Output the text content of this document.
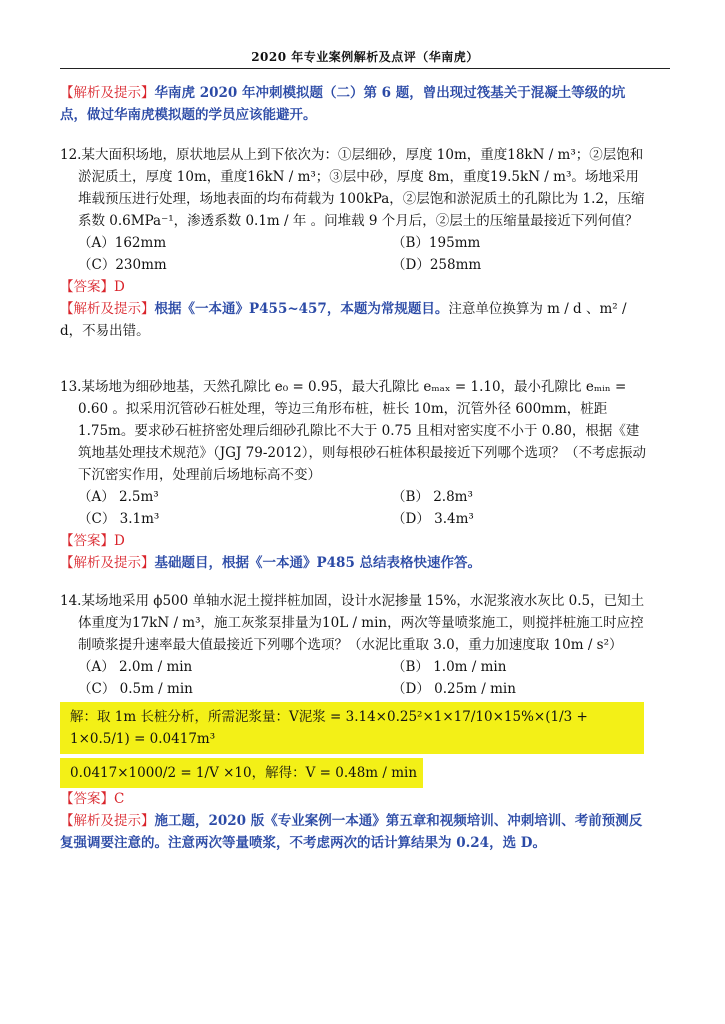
2020 年专业案例解析及点评（华南虎）
【解析及提示】华南虎 2020 年冲刺模拟题（二）第 6 题，曾出现过筏基关于混凝土等级的坑点，做过华南虎模拟题的学员应该能避开。
12.某大面积场地，原状地层从上到下依次为：①层细砂，厚度 10m，重度18kN / m³；②层饱和淤泥质土，厚度 10m，重度16kN / m³；③层中砂，厚度 8m，重度19.5kN / m³。场地采用堆载预压进行处理，场地表面的均布荷载为 100kPa，②层饱和淤泥质土的孔隙比为 1.2，压缩系数 0.6MPa⁻¹，渗透系数 0.1m / 年 。问堆载 9 个月后，②层土的压缩量最接近下列何值？
（A）162mm	（B）195mm
（C）230mm	（D）258mm
【答案】D
【解析及提示】根据《一本通》P455~457，本题为常规题目。注意单位换算为 m / d 、m² / d，不易出错。
13.某场地为细砂地基，天然孔隙比 e₀ = 0.95，最大孔隙比 eₘₐₓ = 1.10，最小孔隙比 eₘᵢₙ = 0.60 。拟采用沉管砂石桩处理，等边三角形布桩，桩长 10m，沉管外径 600mm，桩距 1.75m。要求砂石桩挤密处理后细砂孔隙比不大于 0.75 且相对密实度不小于 0.80，根据《建筑地基处理技术规范》（JGJ 79-2012），则每根砂石桩体积最接近下列哪个选项？（不考虑振动下沉密实作用，处理前后场地标高不变）
（A） 2.5m³	（B） 2.8m³
（C） 3.1m³	（D） 3.4m³
【答案】D
【解析及提示】基础题目，根据《一本通》P485 总结表格快速作答。
14.某场地采用 ϕ500 单轴水泥土搅拌桩加固，设计水泥掺量 15%，水泥浆液水灰比 0.5，已知土体重度为17kN / m³，施工灰浆泵排量为10L / min，两次等量喷浆施工，则搅拌桩施工时应控制喷浆提升速率最大值最接近下列哪个选项？（水泥比重取 3.0，重力加速度取 10m / s²）
（A） 2.0m / min	（B） 1.0m / min
（C） 0.5m / min	（D） 0.25m / min
解：取 1m 长桩分析，所需泥浆量：V泥浆 = 3.14×0.25²×1×17/10×15%×(1/3 + 1×0.5/1) = 0.0417m³ 0.0417×1000/2 = 1/V ×10，解得：V = 0.48m / min
【答案】C
【解析及提示】施工题，2020 版《专业案例一本通》第五章和视频培训、冲刺培训、考前预测反复强调要注意的。注意两次等量喷浆，不考虑两次的话计算结果为 0.24，选 D。
